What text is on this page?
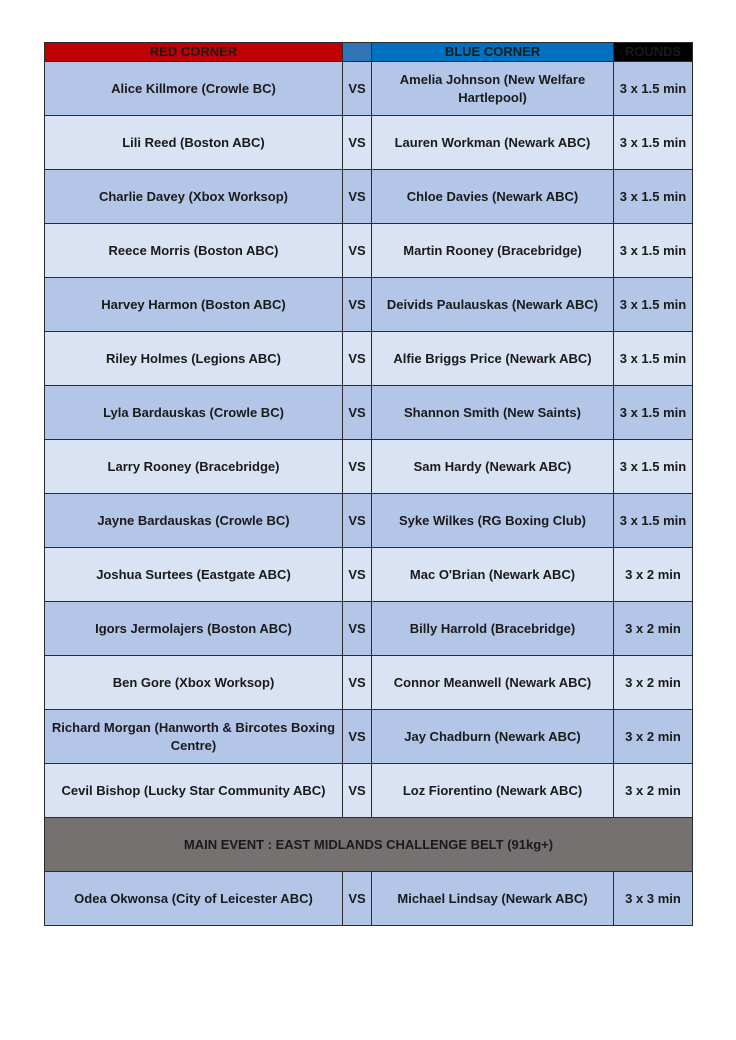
RED CORNER		BLUE CORNER	ROUNDS
Alice Killmore (Crowle BC)	VS	Amelia Johnson (New Welfare Hartlepool)	3 x 1.5 min
Lili Reed (Boston ABC)	VS	Lauren Workman (Newark ABC)	3 x 1.5 min
Charlie Davey (Xbox Worksop)	VS	Chloe Davies (Newark ABC)	3 x 1.5 min
Reece Morris (Boston ABC)	VS	Martin Rooney (Bracebridge)	3 x 1.5 min
Harvey Harmon (Boston ABC)	VS	Deivids Paulauskas (Newark ABC)	3 x 1.5 min
Riley Holmes (Legions ABC)	VS	Alfie Briggs Price (Newark ABC)	3 x 1.5 min
Lyla Bardauskas (Crowle BC)	VS	Shannon Smith (New Saints)	3 x 1.5 min
Larry Rooney (Bracebridge)	VS	Sam Hardy (Newark ABC)	3 x 1.5 min
Jayne Bardauskas (Crowle BC)	VS	Syke Wilkes (RG Boxing Club)	3 x 1.5 min
Joshua Surtees (Eastgate ABC)	VS	Mac O'Brian (Newark ABC)	3 x 2 min
Igors Jermolajers (Boston ABC)	VS	Billy Harrold (Bracebridge)	3 x 2 min
Ben Gore (Xbox Worksop)	VS	Connor Meanwell (Newark ABC)	3 x 2 min
Richard Morgan (Hanworth & Bircotes Boxing Centre)	VS	Jay Chadburn (Newark ABC)	3 x 2 min
Cevil Bishop (Lucky Star Community ABC)	VS	Loz Fiorentino (Newark ABC)	3 x 2 min
MAIN EVENT : EAST MIDLANDS CHALLENGE BELT (91kg+)			
Odea Okwonsa (City of Leicester ABC)	VS	Michael Lindsay (Newark ABC)	3 x 3 min
